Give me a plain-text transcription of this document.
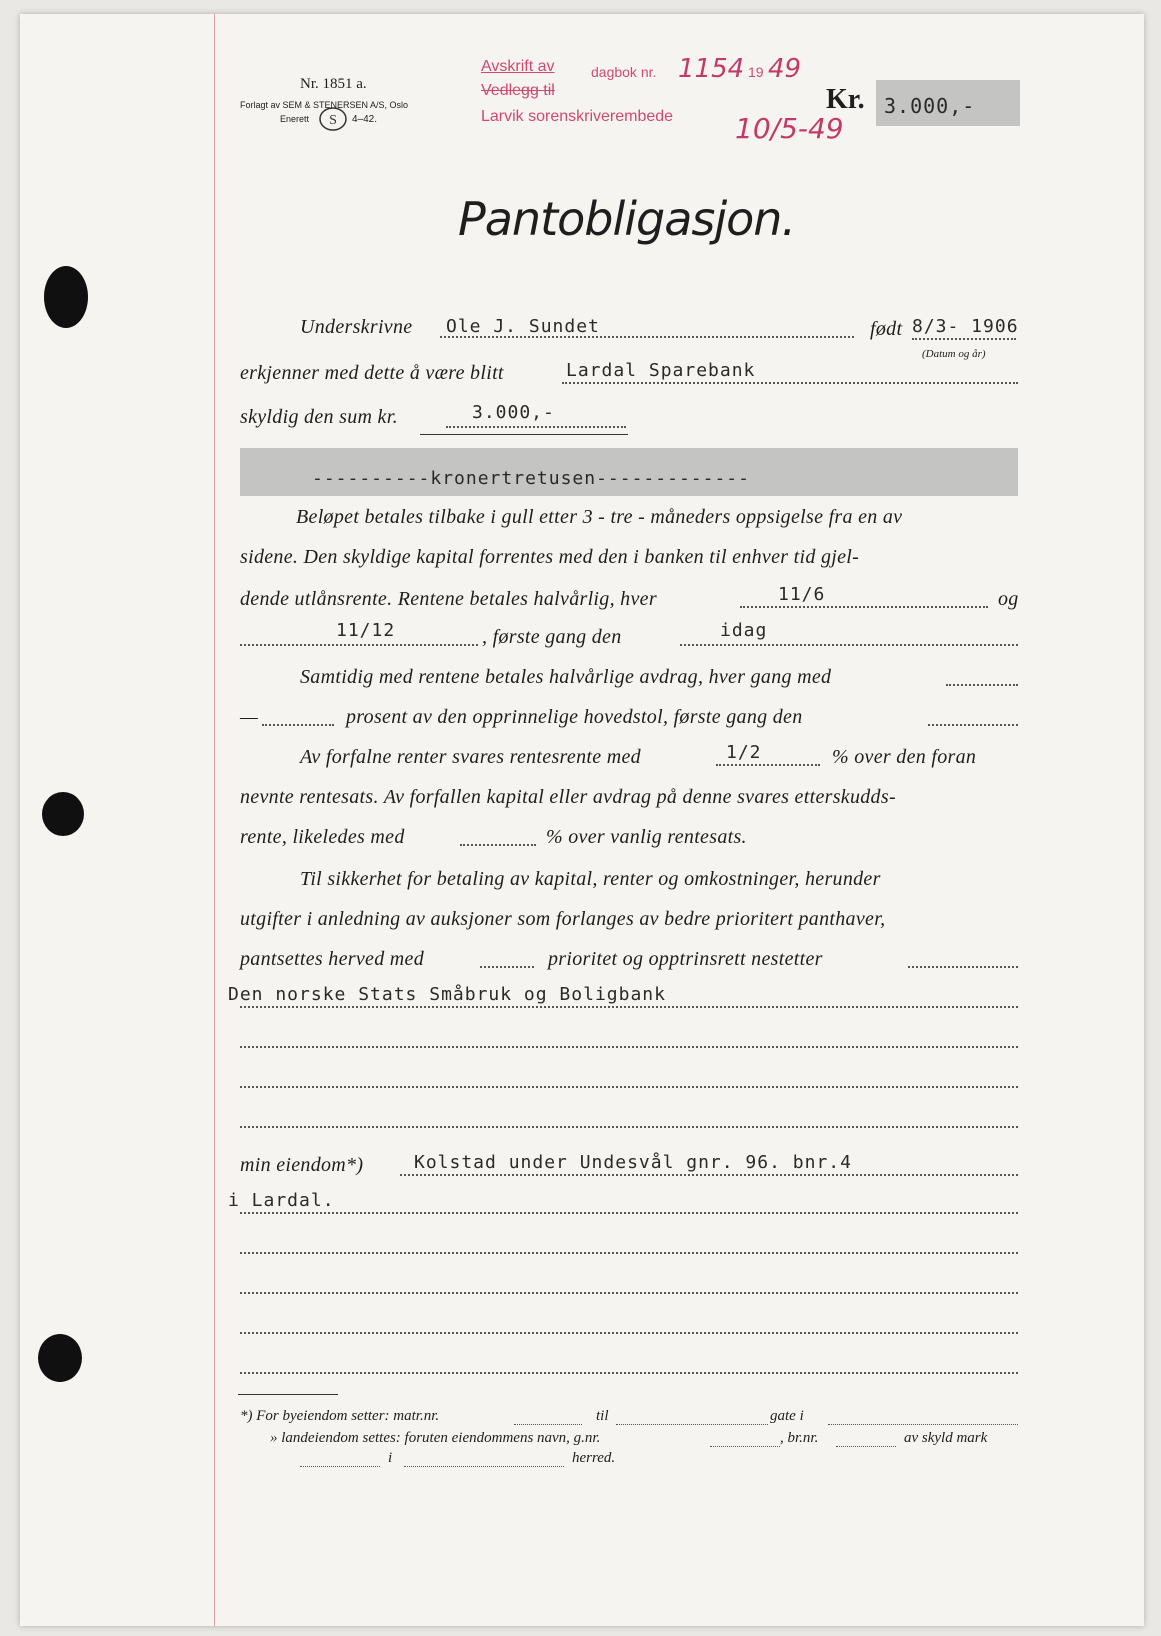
Nr. 1851 a.
Forlagt av SEM & STENERSEN A/S, Oslo
Enerett S 4–42.
Avskrift av	dagbok nr. 1154 19 49
Vedlegg til
Larvik sorenskriverembede 10/5-49
Kr. 3.000,-
Pantobligasjon.
Underskrivne Ole J. Sundet	født 8/3- 1906
(Datum og år)
erkjenner med dette å være blitt	Lardal Sparebank
skyldig den sum kr.	3.000,-
----------kronertretusen-------------
Beløpet betales tilbake i gull etter 3 - tre - måneders oppsigelse fra en av
sidene. Den skyldige kapital forrentes med den i banken til enhver tid gjel-
dende utlånsrente. Rentene betales halvårlig, hver	11/6	og
11/12	, første gang den	idag
Samtidig med rentene betales halvårlige avdrag, hver gang med
—	prosent av den opprinnelige hovedstol, første gang den
Av forfalne renter svares rentesrente med	1/2	% over den foran
nevnte rentesats. Av forfallen kapital eller avdrag på denne svares etterskudds-
rente, likeledes med	% over vanlig rentesats.
Til sikkerhet for betaling av kapital, renter og omkostninger, herunder
utgifter i anledning av auksjoner som forlanges av bedre prioritert panthaver,
pantsettes herved med	prioritet og opptrinsrett nestetter
Den norske Stats Småbruk og Boligbank
min eiendom*)	Kolstad under Undesvål gnr. 96. bnr.4
i Lardal.
*) For byeiendom setter: matr.nr.	til	gate i
» landeiendom settes: foruten eiendommens navn, g.nr.	, br.nr.	av skyld mark
i	herred.
